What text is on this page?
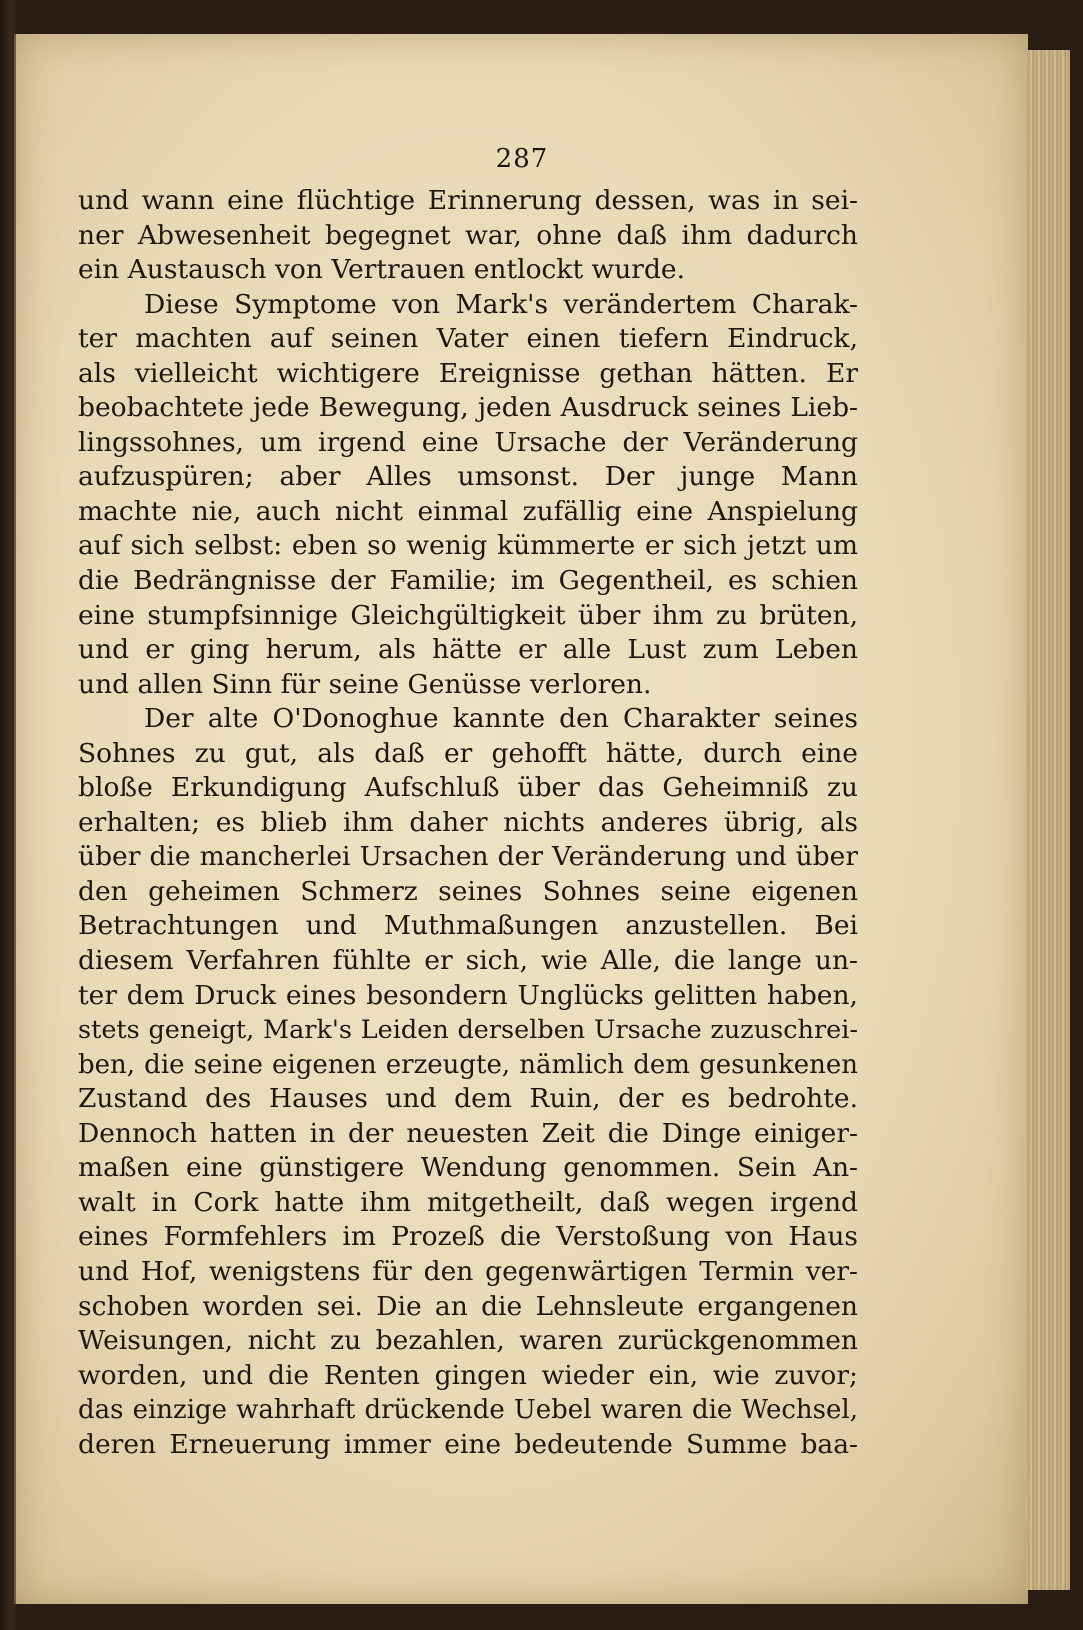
287
und wann eine flüchtige Erinnerung dessen, was in sei-
ner Abwesenheit begegnet war, ohne daß ihm dadurch
ein Austausch von Vertrauen entlockt wurde.
Diese Symptome von Mark's verändertem Charak-
ter machten auf seinen Vater einen tiefern Eindruck,
als vielleicht wichtigere Ereignisse gethan hätten. Er
beobachtete jede Bewegung, jeden Ausdruck seines Lieb-
lingssohnes, um irgend eine Ursache der Veränderung
aufzuspüren; aber Alles umsonst. Der junge Mann
machte nie, auch nicht einmal zufällig eine Anspielung
auf sich selbst: eben so wenig kümmerte er sich jetzt um
die Bedrängnisse der Familie; im Gegentheil, es schien
eine stumpfsinnige Gleichgültigkeit über ihm zu brüten,
und er ging herum, als hätte er alle Lust zum Leben
und allen Sinn für seine Genüsse verloren.
Der alte O'Donoghue kannte den Charakter seines
Sohnes zu gut, als daß er gehofft hätte, durch eine
bloße Erkundigung Aufschluß über das Geheimniß zu
erhalten; es blieb ihm daher nichts anderes übrig, als
über die mancherlei Ursachen der Veränderung und über
den geheimen Schmerz seines Sohnes seine eigenen
Betrachtungen und Muthmaßungen anzustellen. Bei
diesem Verfahren fühlte er sich, wie Alle, die lange un-
ter dem Druck eines besondern Unglücks gelitten haben,
stets geneigt, Mark's Leiden derselben Ursache zuzuschrei-
ben, die seine eigenen erzeugte, nämlich dem gesunkenen
Zustand des Hauses und dem Ruin, der es bedrohte.
Dennoch hatten in der neuesten Zeit die Dinge einiger-
maßen eine günstigere Wendung genommen. Sein An-
walt in Cork hatte ihm mitgetheilt, daß wegen irgend
eines Formfehlers im Prozeß die Verstoßung von Haus
und Hof, wenigstens für den gegenwärtigen Termin ver-
schoben worden sei. Die an die Lehnsleute ergangenen
Weisungen, nicht zu bezahlen, waren zurückgenommen
worden, und die Renten gingen wieder ein, wie zuvor;
das einzige wahrhaft drückende Uebel waren die Wechsel,
deren Erneuerung immer eine bedeutende Summe baa-
